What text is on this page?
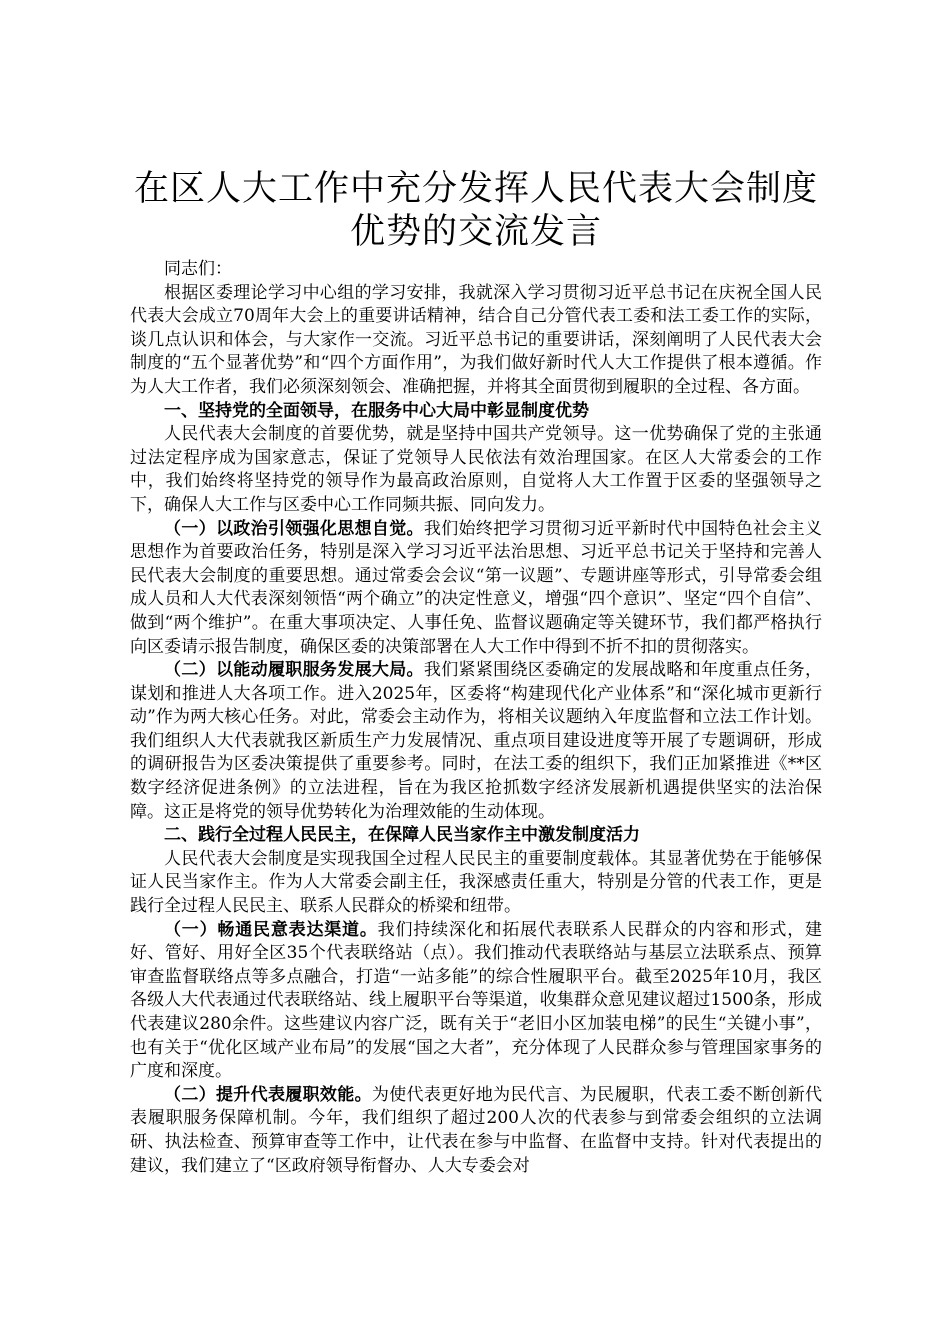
在区人大工作中充分发挥人民代表大会制度优势的交流发言

同志们：

根据区委理论学习中心组的学习安排，我就深入学习贯彻习近平总书记在庆祝全国人民代表大会成立70周年大会上的重要讲话精神，结合自己分管代表工委和法工委工作的实际，谈几点认识和体会，与大家作一交流。习近平总书记的重要讲话，深刻阐明了人民代表大会制度的“五个显著优势”和“四个方面作用”，为我们做好新时代人大工作提供了根本遵循。作为人大工作者，我们必须深刻领会、准确把握，并将其全面贯彻到履职的全过程、各方面。

一、坚持党的全面领导，在服务中心大局中彰显制度优势

人民代表大会制度的首要优势，就是坚持中国共产党领导。这一优势确保了党的主张通过法定程序成为国家意志，保证了党领导人民依法有效治理国家。在区人大常委会的工作中，我们始终将坚持党的领导作为最高政治原则，自觉将人大工作置于区委的坚强领导之下，确保人大工作与区委中心工作同频共振、同向发力。

（一）以政治引领强化思想自觉。我们始终把学习贯彻习近平新时代中国特色社会主义思想作为首要政治任务，特别是深入学习习近平法治思想、习近平总书记关于坚持和完善人民代表大会制度的重要思想。通过常委会会议“第一议题”、专题讲座等形式，引导常委会组成人员和人大代表深刻领悟“两个确立”的决定性意义，增强“四个意识”、坚定“四个自信”、做到“两个维护”。在重大事项决定、人事任免、监督议题确定等关键环节，我们都严格执行向区委请示报告制度，确保区委的决策部署在人大工作中得到不折不扣的贯彻落实。

（二）以能动履职服务发展大局。我们紧紧围绕区委确定的发展战略和年度重点任务，谋划和推进人大各项工作。进入2025年，区委将“构建现代化产业体系”和“深化城市更新行动”作为两大核心任务。对此，常委会主动作为，将相关议题纳入年度监督和立法工作计划。我们组织人大代表就我区新质生产力发展情况、重点项目建设进度等开展了专题调研，形成的调研报告为区委决策提供了重要参考。同时，在法工委的组织下，我们正加紧推进《**区数字经济促进条例》的立法进程，旨在为我区抢抓数字经济发展新机遇提供坚实的法治保障。这正是将党的领导优势转化为治理效能的生动体现。

二、践行全过程人民民主，在保障人民当家作主中激发制度活力

人民代表大会制度是实现我国全过程人民民主的重要制度载体。其显著优势在于能够保证人民当家作主。作为人大常委会副主任，我深感责任重大，特别是分管的代表工作，更是践行全过程人民民主、联系人民群众的桥梁和纽带。

（一）畅通民意表达渠道。我们持续深化和拓展代表联系人民群众的内容和形式，建好、管好、用好全区35个代表联络站（点）。我们推动代表联络站与基层立法联系点、预算审查监督联络点等多点融合，打造“一站多能”的综合性履职平台。截至2025年10月，我区各级人大代表通过代表联络站、线上履职平台等渠道，收集群众意见建议超过1500条，形成代表建议280余件。这些建议内容广泛，既有关于“老旧小区加装电梯”的民生“关键小事”，也有关于“优化区域产业布局”的发展“国之大者”，充分体现了人民群众参与管理国家事务的广度和深度。

（二）提升代表履职效能。为使代表更好地为民代言、为民履职，代表工委不断创新代表履职服务保障机制。今年，我们组织了超过200人次的代表参与到常委会组织的立法调研、执法检查、预算审查等工作中，让代表在参与中监督、在监督中支持。针对代表提出的建议，我们建立了“区政府领导衔督办、人大专委会对
